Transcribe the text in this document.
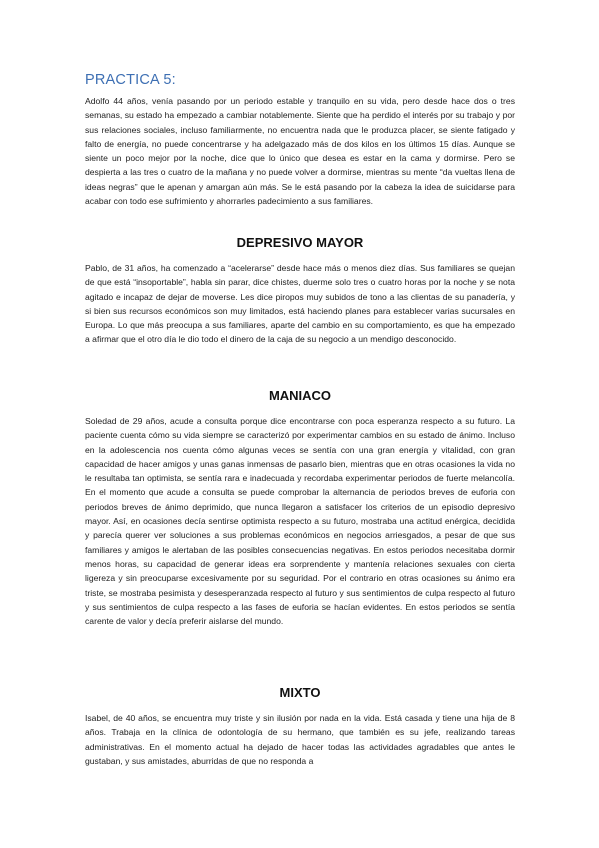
PRACTICA 5:

Adolfo 44 años, venía pasando por un periodo estable y tranquilo en su vida, pero desde hace dos o tres semanas, su estado ha empezado a cambiar notablemente. Siente que ha perdido el interés por su trabajo y por sus relaciones sociales, incluso familiarmente, no encuentra nada que le produzca placer, se siente fatigado y falto de energía, no puede concentrarse y ha adelgazado más de dos kilos en los últimos 15 días. Aunque se siente un poco mejor por la noche, dice que lo único que desea es estar en la cama y dormirse. Pero se despierta a las tres o cuatro de la mañana y no puede volver a dormirse, mientras su mente “da vueltas llena de ideas negras” que le apenan y amargan aún más. Se le está pasando por la cabeza la idea de suicidarse para acabar con todo ese sufrimiento y ahorrarles padecimiento a sus familiares.

DEPRESIVO MAYOR

Pablo, de 31 años, ha comenzado a “acelerarse” desde hace más o menos diez días. Sus familiares se quejan de que está “insoportable”, habla sin parar, dice chistes, duerme solo tres o cuatro horas por la noche y se nota agitado e incapaz de dejar de moverse. Les dice piropos muy subidos de tono a las clientas de su panadería, y si bien sus recursos económicos son muy limitados, está haciendo planes para establecer varias sucursales en Europa. Lo que más preocupa a sus familiares, aparte del cambio en su comportamiento, es que ha empezado a afirmar que el otro día le dio todo el dinero de la caja de su negocio a un mendigo desconocido.

MANIACO

Soledad de 29 años, acude a consulta porque dice encontrarse con poca esperanza respecto a su futuro. La paciente cuenta cómo su vida siempre se caracterizó por experimentar cambios en su estado de ánimo. Incluso en la adolescencia nos cuenta cómo algunas veces se sentía con una gran energía y vitalidad, con gran capacidad de hacer amigos y unas ganas inmensas de pasarlo bien, mientras que en otras ocasiones la vida no le resultaba tan optimista, se sentía rara e inadecuada y recordaba experimentar periodos de fuerte melancolía. En el momento que acude a consulta se puede comprobar la alternancia de periodos breves de euforia con periodos breves de ánimo deprimido, que nunca llegaron a satisfacer los criterios de un episodio depresivo mayor. Así, en ocasiones decía sentirse optimista respecto a su futuro, mostraba una actitud enérgica, decidida y parecía querer ver soluciones a sus problemas económicos en negocios arriesgados, a pesar de que sus familiares y amigos le alertaban de las posibles consecuencias negativas. En estos periodos necesitaba dormir menos horas, su capacidad de generar ideas era sorprendente y mantenía relaciones sexuales con cierta ligereza y sin preocuparse excesivamente por su seguridad. Por el contrario en otras ocasiones su ánimo era triste, se mostraba pesimista y desesperanzada respecto al futuro y sus sentimientos de culpa respecto al futuro y sus sentimientos de culpa respecto a las fases de euforia se hacían evidentes. En estos periodos se sentía carente de valor y decía preferir aislarse del mundo.

MIXTO

Isabel, de 40 años, se encuentra muy triste y sin ilusión por nada en la vida. Está casada y tiene una hija de 8 años. Trabaja en la clínica de odontología de su hermano, que también es su jefe, realizando tareas administrativas. En el momento actual ha dejado de hacer todas las actividades agradables que antes le gustaban, y sus amistades, aburridas de que no responda a
